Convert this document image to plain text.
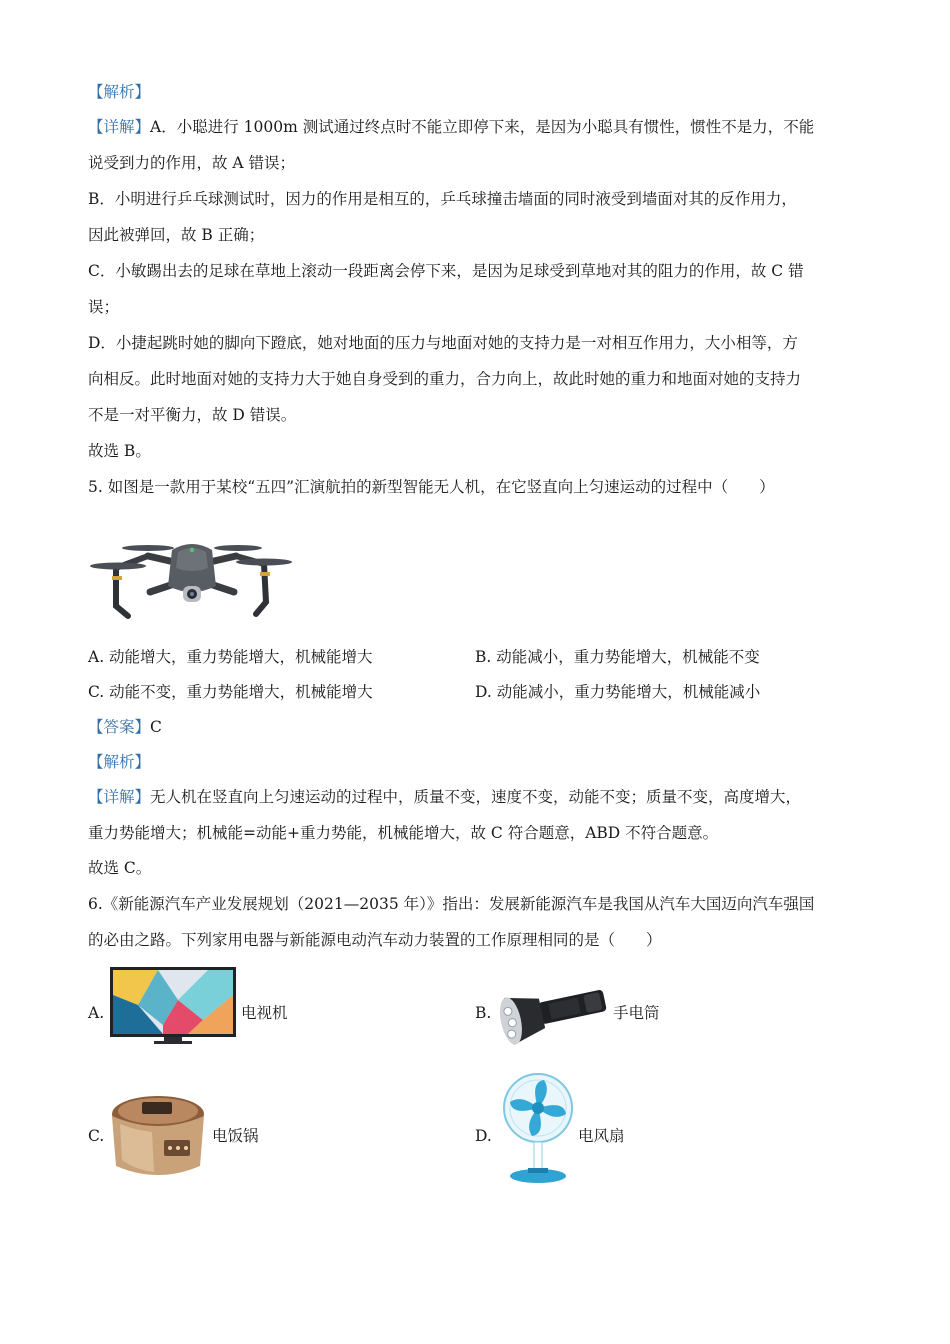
【解析】
【详解】A．小聪进行 1000m 测试通过终点时不能立即停下来，是因为小聪具有惯性，惯性不是力，不能
说受到力的作用，故 A 错误；
B．小明进行乒乓球测试时，因力的作用是相互的，乒乓球撞击墙面的同时液受到墙面对其的反作用力，
因此被弹回，故 B 正确；
C．小敏踢出去的足球在草地上滚动一段距离会停下来，是因为足球受到草地对其的阻力的作用，故 C 错
误；
D．小捷起跳时她的脚向下蹬底，她对地面的压力与地面对她的支持力是一对相互作用力，大小相等，方
向相反。此时地面对她的支持力大于她自身受到的重力，合力向上，故此时她的重力和地面对她的支持力
不是一对平衡力，故 D 错误。
故选 B。
5. 如图是一款用于某校“五四”汇演航拍的新型智能无人机，在它竖直向上匀速运动的过程中（　　）
A. 动能增大，重力势能增大，机械能增大	B. 动能减小，重力势能增大，机械能不变
C. 动能不变，重力势能增大，机械能增大	D. 动能减小，重力势能增大，机械能减小
【答案】C
【解析】
【详解】无人机在竖直向上匀速运动的过程中，质量不变，速度不变，动能不变；质量不变，高度增大，
重力势能增大；机械能=动能+重力势能，机械能增大，故 C 符合题意，ABD 不符合题意。
故选 C。
6.《新能源汽车产业发展规划（2021—2035 年）》指出：发展新能源汽车是我国从汽车大国迈向汽车强国
的必由之路。下列家用电器与新能源电动汽车动力装置的工作原理相同的是（　　）
A.	电视机	B.	手电筒
C.	电饭锅	D.	电风扇
